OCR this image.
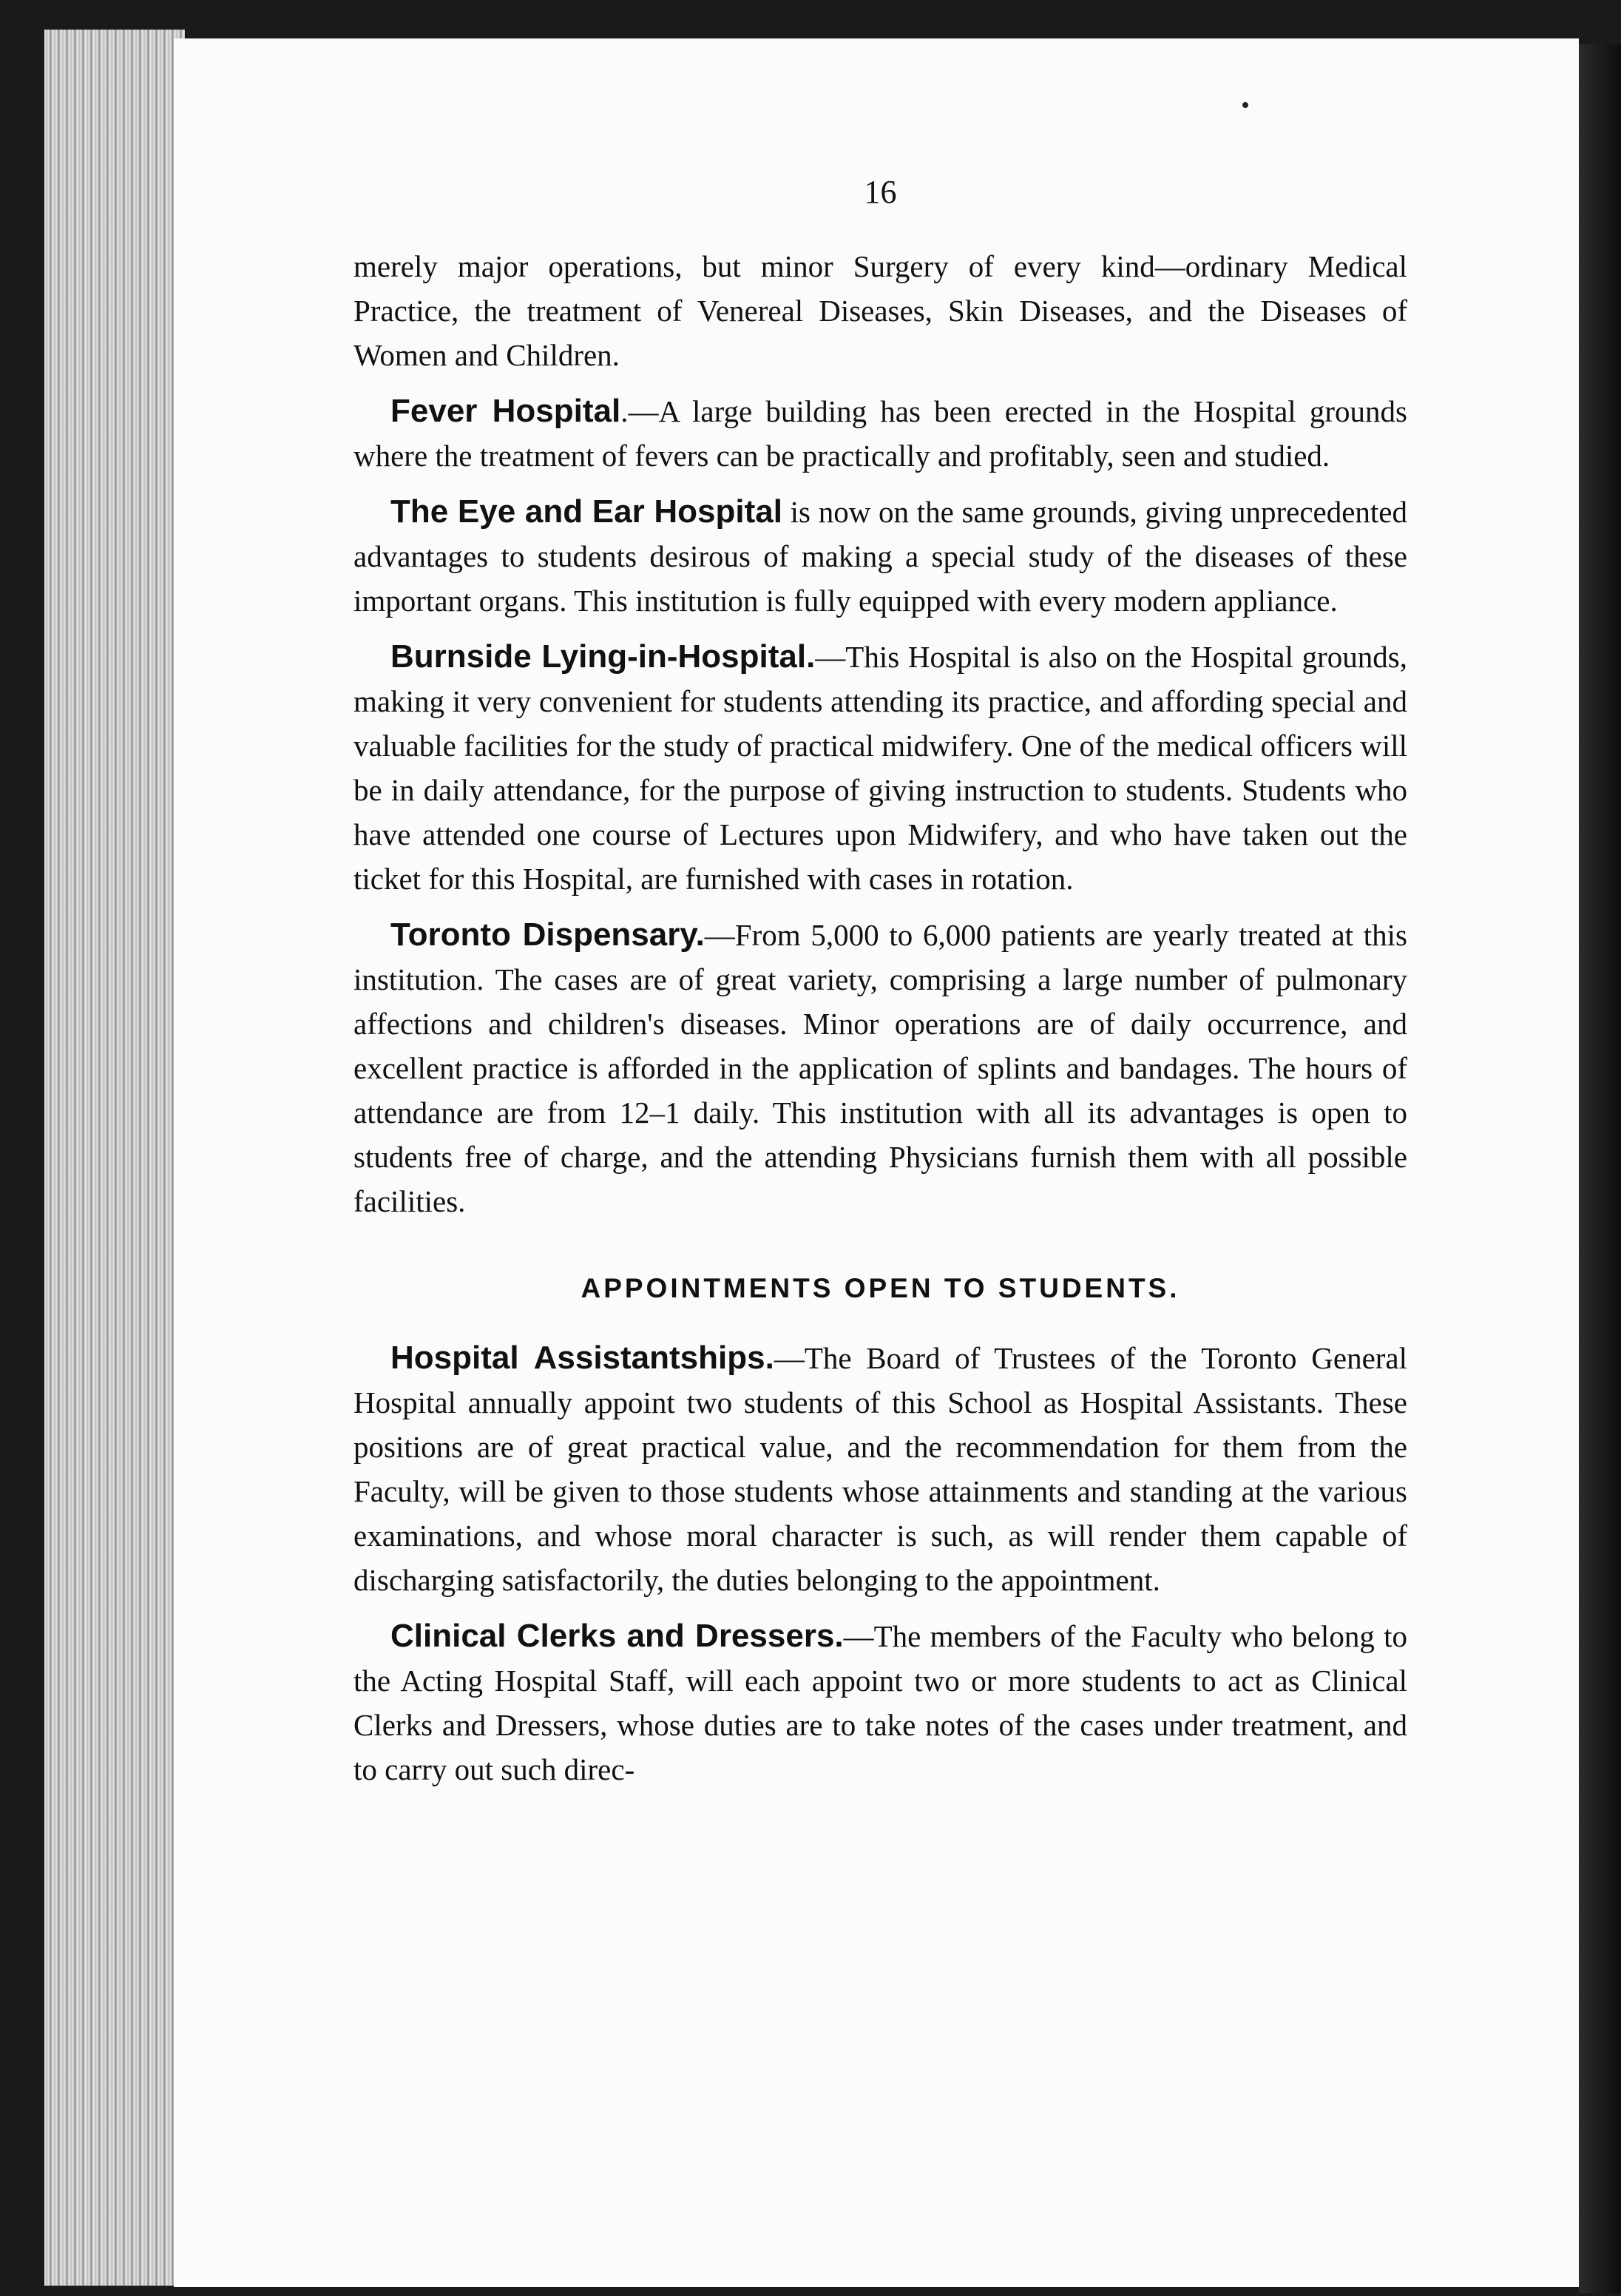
16

merely major operations, but minor Surgery of every kind—ordinary Medical Practice, the treatment of Venereal Diseases, Skin Diseases, and the Diseases of Women and Children.

Fever Hospital.—A large building has been erected in the Hospital grounds where the treatment of fevers can be practically and profitably, seen and studied.

The Eye and Ear Hospital is now on the same grounds, giving unprecedented advantages to students desirous of making a special study of the diseases of these important organs. This institution is fully equipped with every modern appliance.

Burnside Lying-in-Hospital.—This Hospital is also on the Hospital grounds, making it very convenient for students attending its practice, and affording special and valuable facilities for the study of practical midwifery. One of the medical officers will be in daily attendance, for the purpose of giving instruction to students. Students who have attended one course of Lectures upon Midwifery, and who have taken out the ticket for this Hospital, are furnished with cases in rotation.

Toronto Dispensary.—From 5,000 to 6,000 patients are yearly treated at this institution. The cases are of great variety, comprising a large number of pulmonary affections and children's diseases. Minor operations are of daily occurrence, and excellent practice is afforded in the application of splints and bandages. The hours of attendance are from 12–1 daily. This institution with all its advantages is open to students free of charge, and the attending Physicians furnish them with all possible facilities.

APPOINTMENTS OPEN TO STUDENTS.

Hospital Assistantships.—The Board of Trustees of the Toronto General Hospital annually appoint two students of this School as Hospital Assistants. These positions are of great practical value, and the recommendation for them from the Faculty, will be given to those students whose attainments and standing at the various examinations, and whose moral character is such, as will render them capable of discharging satisfactorily, the duties belonging to the appointment.

Clinical Clerks and Dressers.—The members of the Faculty who belong to the Acting Hospital Staff, will each appoint two or more students to act as Clinical Clerks and Dressers, whose duties are to take notes of the cases under treatment, and to carry out such direc-
